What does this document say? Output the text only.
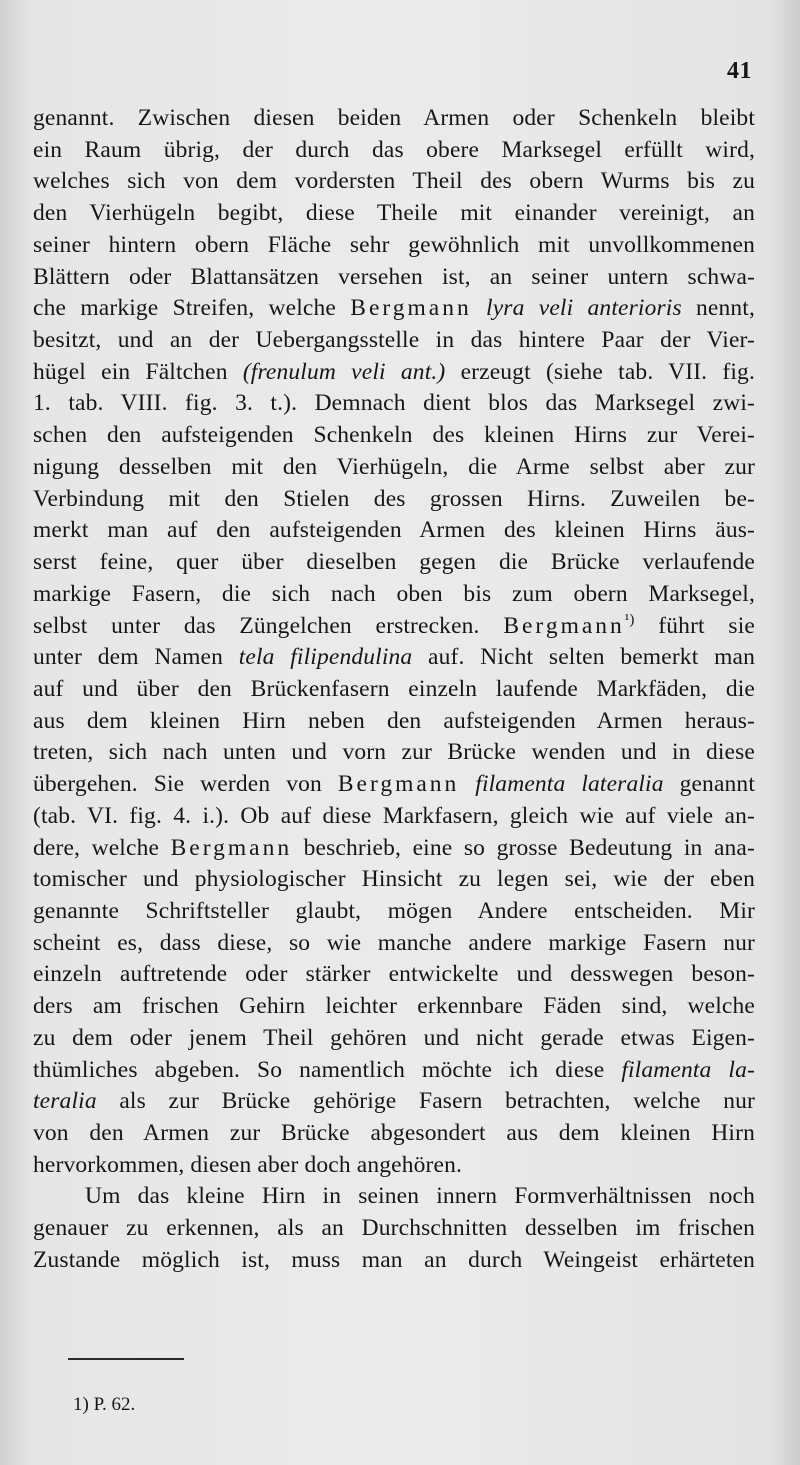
41
genannt. Zwischen diesen beiden Armen oder Schenkeln bleibt
ein Raum übrig, der durch das obere Marksegel erfüllt wird,
welches sich von dem vordersten Theil des obern Wurms bis zu
den Vierhügeln begibt, diese Theile mit einander vereinigt, an
seiner hintern obern Fläche sehr gewöhnlich mit unvollkommenen
Blättern oder Blattansätzen versehen ist, an seiner untern schwa-
che markige Streifen, welche Bergmann lyra veli anterioris nennt,
besitzt, und an der Uebergangsstelle in das hintere Paar der Vier-
hügel ein Fältchen (frenulum veli ant.) erzeugt (siehe tab. VII. fig.
1. tab. VIII. fig. 3. t.). Demnach dient blos das Marksegel zwi-
schen den aufsteigenden Schenkeln des kleinen Hirns zur Verei-
nigung desselben mit den Vierhügeln, die Arme selbst aber zur
Verbindung mit den Stielen des grossen Hirns. Zuweilen be-
merkt man auf den aufsteigenden Armen des kleinen Hirns äus-
serst feine, quer über dieselben gegen die Brücke verlaufende
markige Fasern, die sich nach oben bis zum obern Marksegel,
selbst unter das Züngelchen erstrecken. Bergmann$^{^1)}$ führt sie
unter dem Namen tela filipendulina auf. Nicht selten bemerkt man
auf und über den Brückenfasern einzeln laufende Markfäden, die
aus dem kleinen Hirn neben den aufsteigenden Armen heraus-
treten, sich nach unten und vorn zur Brücke wenden und in diese
übergehen. Sie werden von Bergmann filamenta lateralia genannt
(tab. VI. fig. 4. i.). Ob auf diese Markfasern, gleich wie auf viele an-
dere, welche Bergmann beschrieb, eine so grosse Bedeutung in ana-
tomischer und physiologischer Hinsicht zu legen sei, wie der eben
genannte Schriftsteller glaubt, mögen Andere entscheiden. Mir
scheint es, dass diese, so wie manche andere markige Fasern nur
einzeln auftretende oder stärker entwickelte und desswegen beson-
ders am frischen Gehirn leichter erkennbare Fäden sind, welche
zu dem oder jenem Theil gehören und nicht gerade etwas Eigen-
thümliches abgeben. So namentlich möchte ich diese filamenta la-
teralia als zur Brücke gehörige Fasern betrachten, welche nur
von den Armen zur Brücke abgesondert aus dem kleinen Hirn
hervorkommen, diesen aber doch angehören.
Um das kleine Hirn in seinen innern Formverhältnissen noch
genauer zu erkennen, als an Durchschnitten desselben im frischen
Zustande möglich ist, muss man an durch Weingeist erhärteten
1) P. 62.
